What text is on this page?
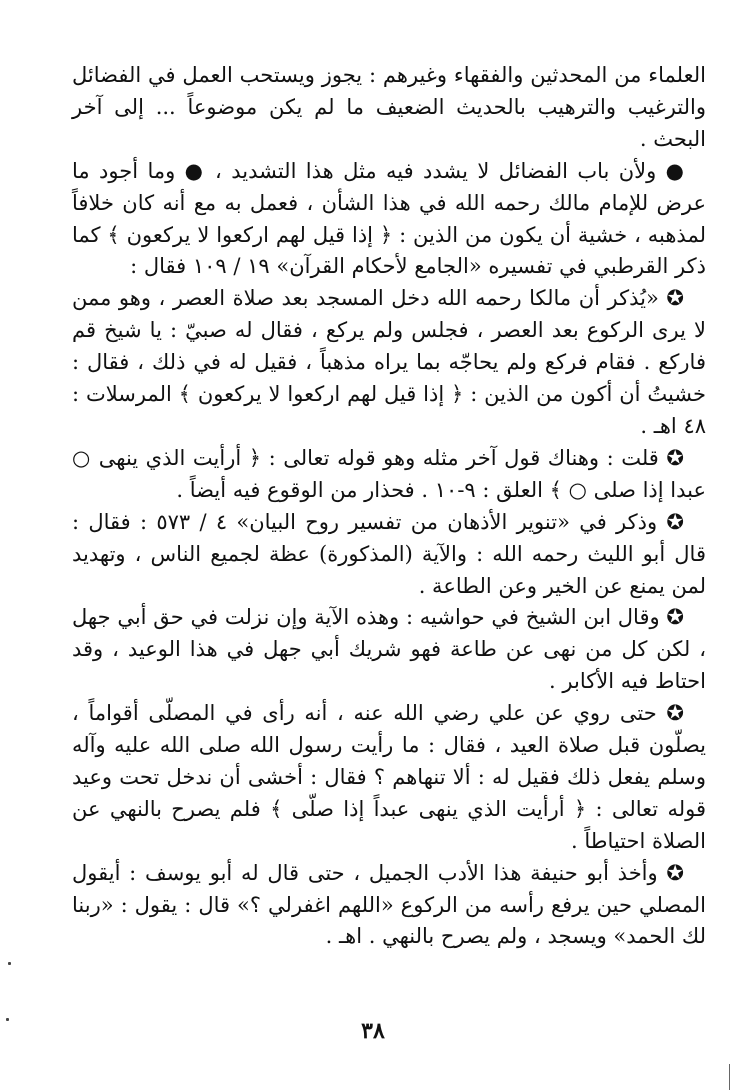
العلماء من المحدثين والفقهاء وغيرهم : يجوز ويستحب العمل في الفضائل والترغيب والترهيب بالحديث الضعيف ما لم يكن موضوعاً ... إلى آخر البحث .

● ولأن باب الفضائل لا يشدد فيه مثل هذا التشديد ، ● وما أجود ما عرض للإمام مالك رحمه الله في هذا الشأن ، فعمل به مع أنه كان خلافاً لمذهبه ، خشية أن يكون من الذين : ﴿ إذا قيل لهم اركعوا لا يركعون ﴾ كما ذكر القرطبي في تفسيره «الجامع لأحكام القرآن» ١٩ / ١٠٩ فقال :

✪ «يُذكر أن مالكا رحمه الله دخل المسجد بعد صلاة العصر ، وهو ممن لا يرى الركوع بعد العصر ، فجلس ولم يركع ، فقال له صبيّ : يا شيخ قم فاركع . فقام فركع ولم يحاجّه بما يراه مذهباً ، فقيل له في ذلك ، فقال : خشيتُ أن أكون من الذين : ﴿ إذا قيل لهم اركعوا لا يركعون ﴾ المرسلات : ٤٨ اهـ .

✪ قلت : وهناك قول آخر مثله وهو قوله تعالى : ﴿ أرأيت الذي ينهى ○ عبدا إذا صلى ○ ﴾ العلق : ٩-١٠ . فحذار من الوقوع فيه أيضاً .

✪ وذكر في «تنوير الأذهان من تفسير روح البيان» ٤ / ٥٧٣ : فقال : قال أبو الليث رحمه الله : والآية (المذكورة) عظة لجميع الناس ، وتهديد لمن يمنع عن الخير وعن الطاعة .

✪ وقال ابن الشيخ في حواشيه : وهذه الآية وإن نزلت في حق أبي جهل ، لكن كل من نهى عن طاعة فهو شريك أبي جهل في هذا الوعيد ، وقد احتاط فيه الأكابر .

✪ حتى روي عن علي رضي الله عنه ، أنه رأى في المصلّى أقواماً ، يصلّون قبل صلاة العيد ، فقال : ما رأيت رسول الله صلى الله عليه وآله وسلم يفعل ذلك فقيل له : ألا تنهاهم ؟ فقال : أخشى أن ندخل تحت وعيد قوله تعالى : ﴿ أرأيت الذي ينهى عبداً إذا صلّى ﴾ فلم يصرح بالنهي عن الصلاة احتياطاً .

✪ وأخذ أبو حنيفة هذا الأدب الجميل ، حتى قال له أبو يوسف : أيقول المصلي حين يرفع رأسه من الركوع «اللهم اغفرلي ؟» قال : يقول : «ربنا لك الحمد» ويسجد ، ولم يصرح بالنهي . اهـ .

٣٨
